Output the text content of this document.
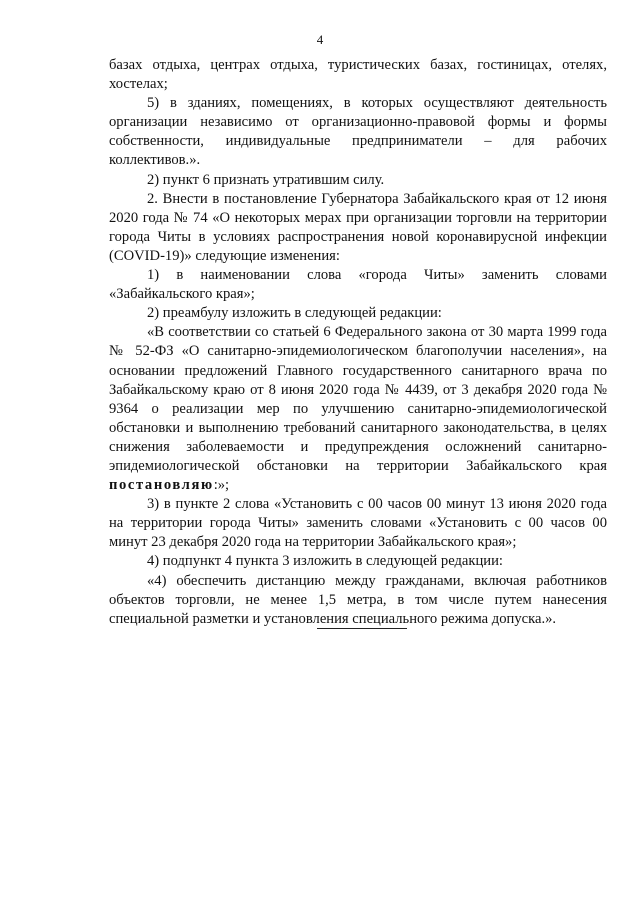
4

базах отдыха, центрах отдыха, туристических базах, гостиницах, отелях, хостелах;

5) в зданиях, помещениях, в которых осуществляют деятельность организации независимо от организационно-правовой формы и формы собственности, индивидуальные предприниматели – для рабочих коллективов.».

2) пункт 6 признать утратившим силу.

2. Внести в постановление Губернатора Забайкальского края от 12 июня 2020 года № 74 «О некоторых мерах при организации торговли на территории города Читы в условиях распространения новой коронавирусной инфекции (COVID-19)» следующие изменения:

1) в наименовании слова «города Читы» заменить словами «Забайкальского края»;

2) преамбулу изложить в следующей редакции:

«В соответствии со статьей 6 Федерального закона от 30 марта 1999 года № 52-ФЗ «О санитарно-эпидемиологическом благополучии населения», на основании предложений Главного государственного санитарного врача по Забайкальскому краю от 8 июня 2020 года № 4439, от 3 декабря 2020 года № 9364 о реализации мер по улучшению санитарно-эпидемиологической обстановки и выполнению требований санитарного законодательства, в целях снижения заболеваемости и предупреждения осложнений санитарно-эпидемиологической обстановки на территории Забайкальского края постановляю:»;

3) в пункте 2 слова «Установить с 00 часов 00 минут 13 июня 2020 года на территории города Читы» заменить словами «Установить с 00 часов 00 минут 23 декабря 2020 года на территории Забайкальского края»;

4) подпункт 4 пункта 3 изложить в следующей редакции:

«4) обеспечить дистанцию между гражданами, включая работников объектов торговли, не менее 1,5 метра, в том числе путем нанесения специальной разметки и установления специального режима допуска.».
